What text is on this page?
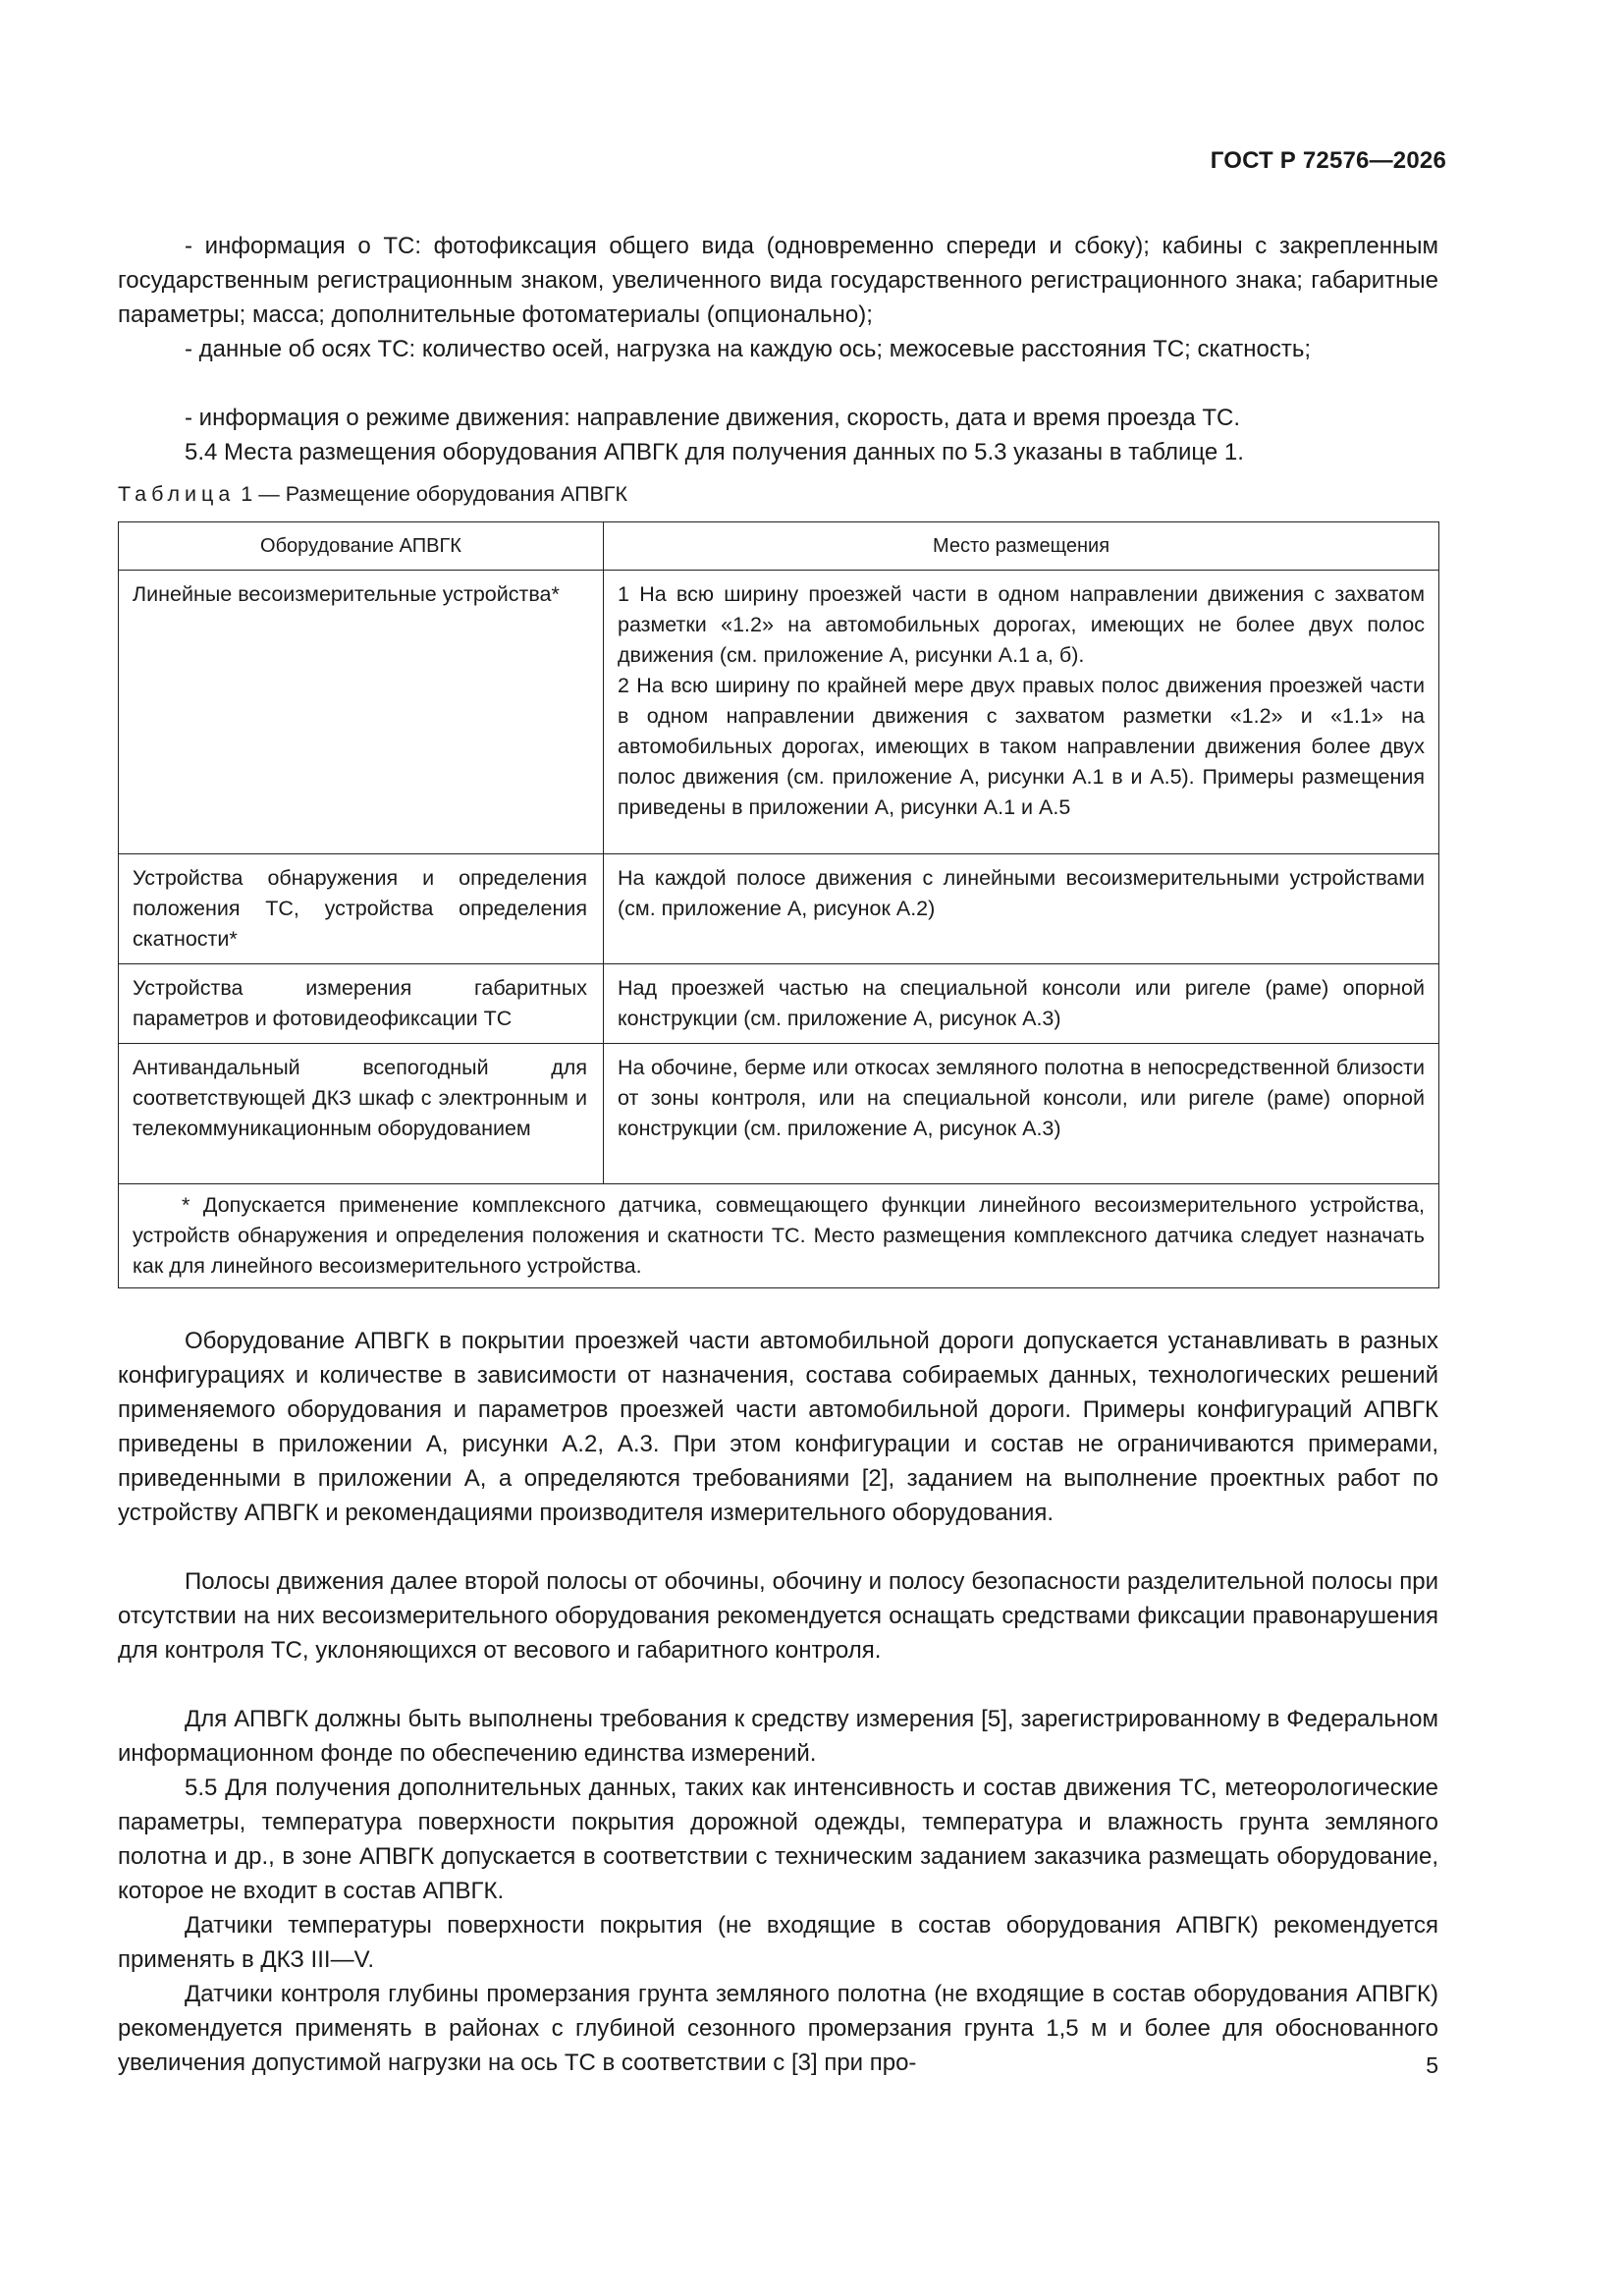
ГОСТ Р 72576—2026

- информация о ТС: фотофиксация общего вида (одновременно спереди и сбоку); кабины с закрепленным государственным регистрационным знаком, увеличенного вида государственного регистрационного знака; габаритные параметры; масса; дополнительные фотоматериалы (опционально);

- данные об осях ТС: количество осей, нагрузка на каждую ось; межосевые расстояния ТС; скатность;

- информация о режиме движения: направление движения, скорость, дата и время проезда ТС.

5.4 Места размещения оборудования АПВГК для получения данных по 5.3 указаны в таблице 1.

Таблица 1 — Размещение оборудования АПВГК
Оборудование АПВГК	Место размещения
Линейные весоизмерительные устройства*	1 На всю ширину проезжей части в одном направлении движения с захватом разметки «1.2» на автомобильных дорогах, имеющих не более двух полос движения (см. приложение А, рисунки А.1 а, б).
2 На всю ширину по крайней мере двух правых полос движения проезжей части в одном направлении движения с захватом разметки «1.2» и «1.1» на автомобильных дорогах, имеющих в таком направлении движения более двух полос движения (см. приложение А, рисунки А.1 в и А.5). Примеры размещения приведены в приложении А, рисунки А.1 и А.5

Устройства обнаружения и определения положения ТС, устройства определения скатности*	На каждой полосе движения с линейными весоизмерительными устройствами (см. приложение А, рисунок А.2)
Устройства измерения габаритных параметров и фотовидеофиксации ТС	Над проезжей частью на специальной консоли или ригеле (раме) опорной конструкции (см. приложение А, рисунок А.3)
Антивандальный всепогодный для соответствующей ДКЗ шкаф с электронным и телекоммуникационным оборудованием	На обочине, берме или откосах земляного полотна в непосредственной близости от зоны контроля, или на специальной консоли, или ригеле (раме) опорной конструкции (см. приложение А, рисунок А.3)
* Допускается применение комплексного датчика, совмещающего функции линейного весоизмерительного устройства, устройств обнаружения и определения положения и скатности ТС. Место размещения комплексного датчика следует назначать как для линейного весоизмерительного устройства.	

Оборудование АПВГК в покрытии проезжей части автомобильной дороги допускается устанавливать в разных конфигурациях и количестве в зависимости от назначения, состава собираемых данных, технологических решений применяемого оборудования и параметров проезжей части автомобильной дороги. Примеры конфигураций АПВГК приведены в приложении А, рисунки А.2, А.3. При этом конфигурации и состав не ограничиваются примерами, приведенными в приложении А, а определяются требованиями [2], заданием на выполнение проектных работ по устройству АПВГК и рекомендациями производителя измерительного оборудования.

Полосы движения далее второй полосы от обочины, обочину и полосу безопасности разделительной полосы при отсутствии на них весоизмерительного оборудования рекомендуется оснащать средствами фиксации правонарушения для контроля ТС, уклоняющихся от весового и габаритного контроля.

Для АПВГК должны быть выполнены требования к средству измерения [5], зарегистрированному в Федеральном информационном фонде по обеспечению единства измерений.

5.5 Для получения дополнительных данных, таких как интенсивность и состав движения ТС, метеорологические параметры, температура поверхности покрытия дорожной одежды, температура и влажность грунта земляного полотна и др., в зоне АПВГК допускается в соответствии с техническим заданием заказчика размещать оборудование, которое не входит в состав АПВГК.

Датчики температуры поверхности покрытия (не входящие в состав оборудования АПВГК) рекомендуется применять в ДКЗ III—V.

Датчики контроля глубины промерзания грунта земляного полотна (не входящие в состав оборудования АПВГК) рекомендуется применять в районах с глубиной сезонного промерзания грунта 1,5 м и более для обоснованного увеличения допустимой нагрузки на ось ТС в соответствии с [3] при про-	5
